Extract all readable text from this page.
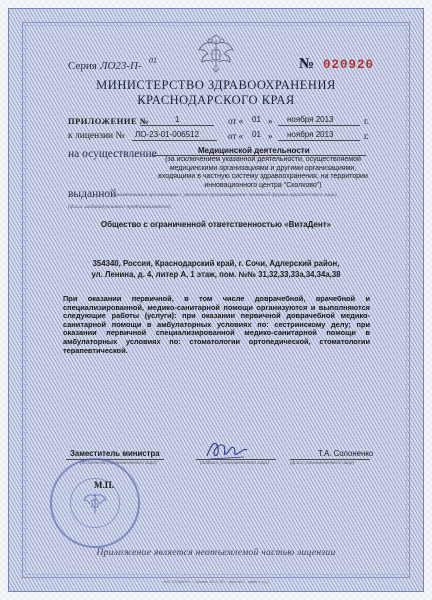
Серия ЛО23-П- 01	№ 020920
МИНИСТЕРСТВО ЗДРАВООХРАНЕНИЯ
КРАСНОДАРСКОГО КРАЯ
ПРИЛОЖЕНИЕ №	1	от « 01 » ноября 2013	г.
к лицензии № ЛО-23-01-006512	от « 01 » ноября 2013	г.
на осуществление	Медицинской деятельности
(за исключением указанной деятельности, осуществляемой медицинскими организациями и другими организациями, входящими в частную систему здравоохранения, на территории инновационного центра "Сколково")
выданной
(наименование организации с указанием организационно-правовой формы юридического лица)
(ф.и.о. индивидуального предпринимателя)
Общество с ограниченной ответственностью «ВитаДент»
354340, Россия, Краснодарский край, г. Сочи, Адлерский район,
ул. Ленина, д. 4, литер А, 1 этаж, пом. №№ 31,32,33,33а,34,34а,38
При оказании первичной, в том числе доврачебной, врачебной и специализированной, медико-санитарной помощи организуются и выполняются следующие работы (услуги): при оказании первичной доврачебной медико-санитарной помощи в амбулаторных условиях по: сестринскому делу; при оказании первичной специализированной медико-санитарной помощи в амбулаторных условиях по: стоматологии ортопедической, стоматологии терапевтической.
Заместитель министра
(должность уполномоченного лица)	(подпись уполномоченного лица)
Т.А. Солоненко
(ф.и.о. уполномоченного лица)
М.П.
Приложение является неотъемлемой частью лицензии
ЗАО «ОПЦИОН», г. Москва, 2012, «Б» , заказ № 1 , тираж 1 (т.р.)
